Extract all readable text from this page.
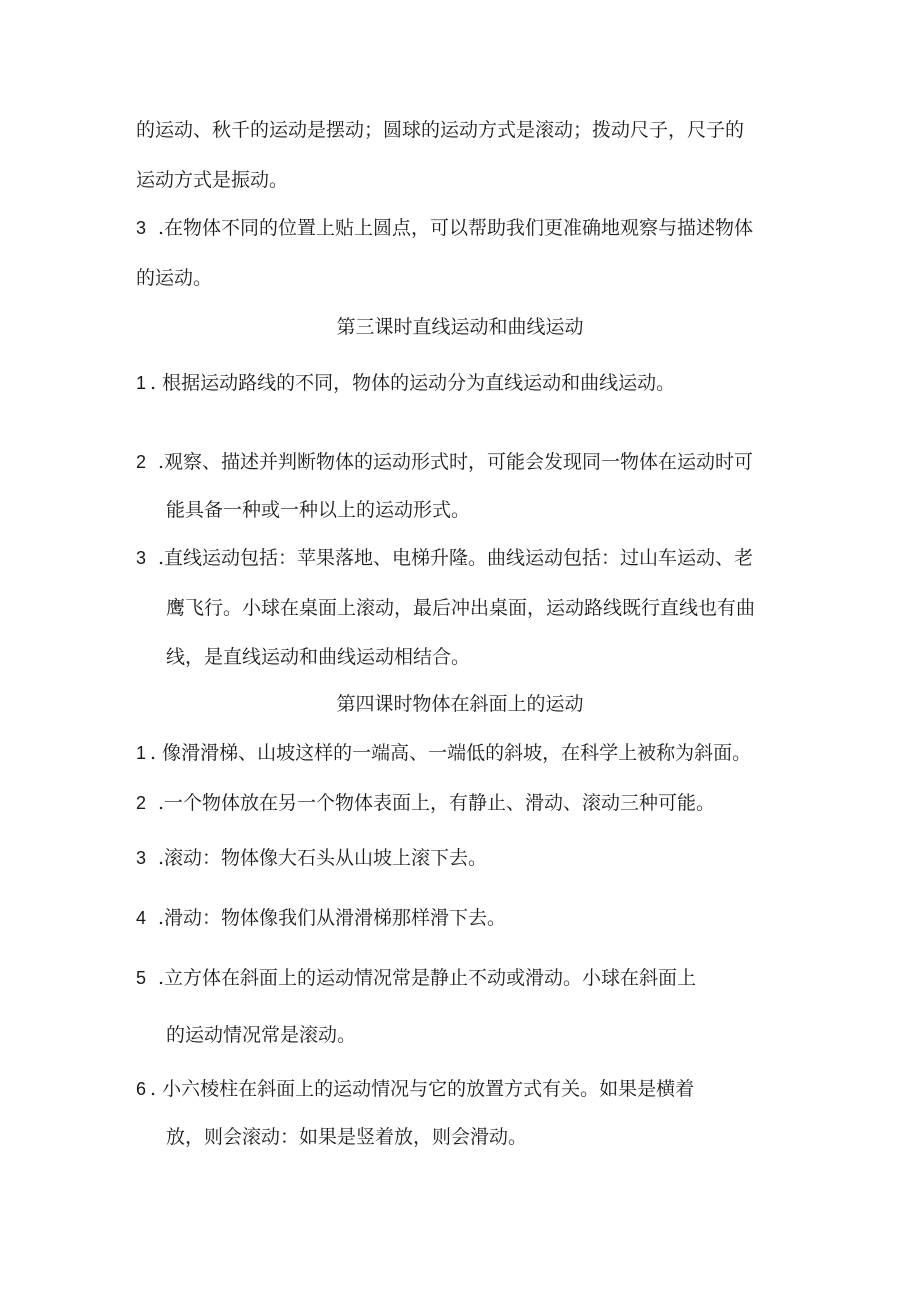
的运动、秋千的运动是摆动；圆球的运动方式是滚动；拨动尺子，尺子的
运动方式是振动。
3 .在物体不同的位置上贴上圆点，可以帮助我们更准确地观察与描述物体
的运动。
第三课时直线运动和曲线运动
1 . 根据运动路线的不同，物体的运动分为直线运动和曲线运动。
2 .观察、描述并判断物体的运动形式时，可能会发现同一物体在运动时可
能具备一种或一种以上的运动形式。
3 .直线运动包括：苹果落地、电梯升隆。曲线运动包括：过山车运动、老
鹰飞行。小球在桌面上滚动，最后冲出桌面，运动路线既行直线也有曲
线，是直线运动和曲线运动相结合。
第四课时物体在斜面上的运动
1 . 像滑滑梯、山坡这样的一端高、一端低的斜坡，在科学上被称为斜面。
2 .一个物体放在另一个物体表面上，有静止、滑动、滚动三种可能。
3 .滚动：物体像大石头从山坡上滚下去。
4 .滑动：物体像我们从滑滑梯那样滑下去。
5 .立方体在斜面上的运动情况常是静止不动或滑动。小球在斜面上
的运动情况常是滚动。
6 . 小六棱柱在斜面上的运动情况与它的放置方式有关。如果是横着
放，则会滚动：如果是竖着放，则会滑动。
